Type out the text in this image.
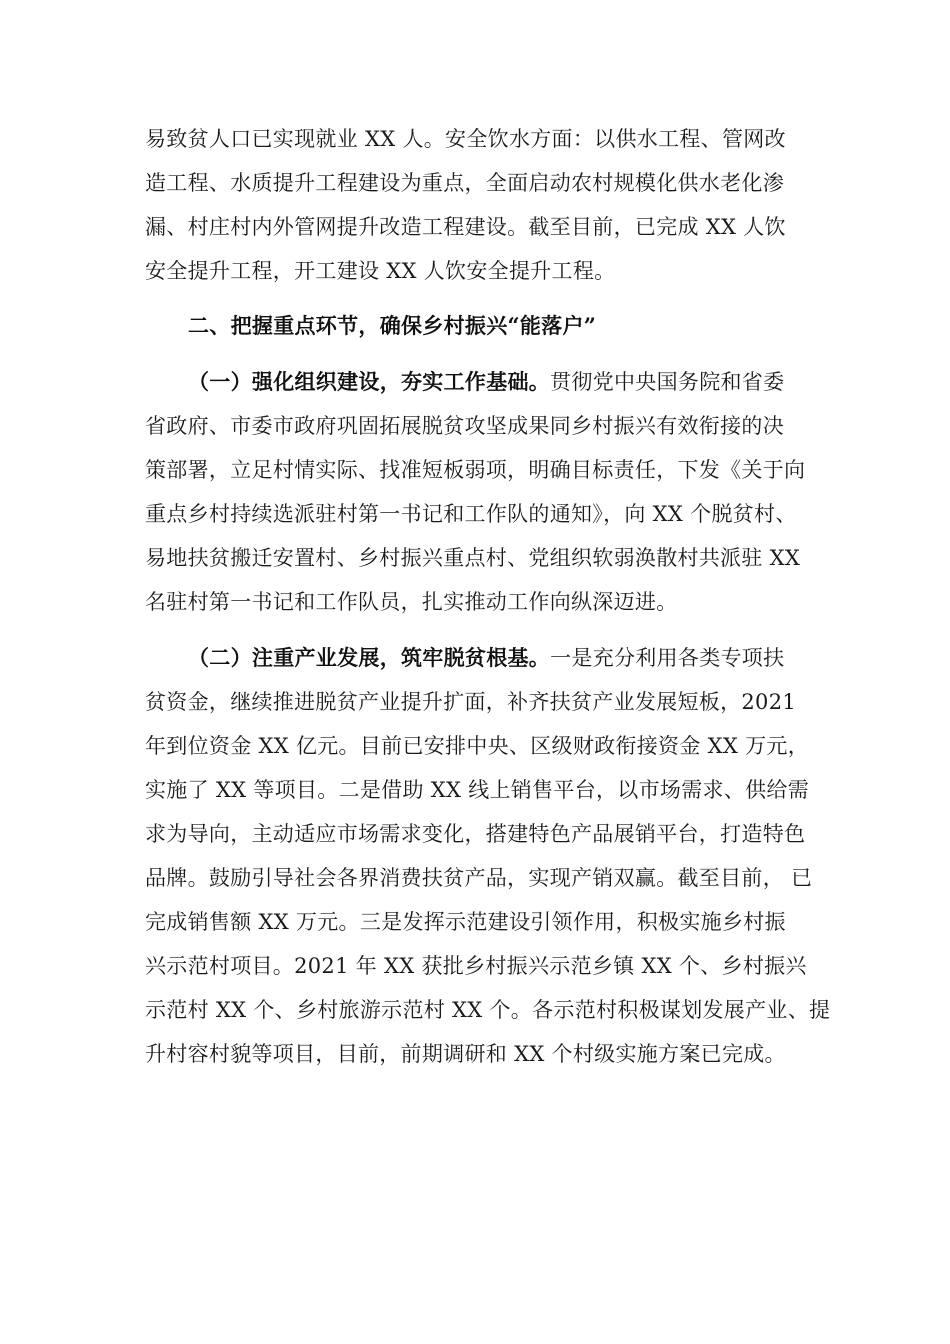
易致贫人口已实现就业 XX 人。安全饮水方面：以供水工程、管网改
造工程、水质提升工程建设为重点，全面启动农村规模化供水老化渗
漏、村庄村内外管网提升改造工程建设。截至目前，已完成 XX 人饮
安全提升工程，开工建设 XX 人饮安全提升工程。
二、把握重点环节，确保乡村振兴“能落户”
（一）强化组织建设，夯实工作基础。贯彻党中央国务院和省委
省政府、市委市政府巩固拓展脱贫攻坚成果同乡村振兴有效衔接的决
策部署，立足村情实际、找准短板弱项，明确目标责任，下发《关于向
重点乡村持续选派驻村第一书记和工作队的通知》，向 XX 个脱贫村、
易地扶贫搬迁安置村、乡村振兴重点村、党组织软弱涣散村共派驻 XX
名驻村第一书记和工作队员，扎实推动工作向纵深迈进。
（二）注重产业发展，筑牢脱贫根基。一是充分利用各类专项扶
贫资金，继续推进脱贫产业提升扩面，补齐扶贫产业发展短板，2021
年到位资金 XX 亿元。目前已安排中央、区级财政衔接资金 XX 万元，
实施了 XX 等项目。二是借助 XX 线上销售平台，以市场需求、供给需
求为导向，主动适应市场需求变化，搭建特色产品展销平台，打造特色
品牌。鼓励引导社会各界消费扶贫产品，实现产销双赢。截至目前， 已
完成销售额 XX 万元。三是发挥示范建设引领作用，积极实施乡村振
兴示范村项目。2021 年 XX 获批乡村振兴示范乡镇 XX 个、乡村振兴
示范村 XX 个、乡村旅游示范村 XX 个。各示范村积极谋划发展产业、提
升村容村貌等项目，目前，前期调研和 XX 个村级实施方案已完成。
